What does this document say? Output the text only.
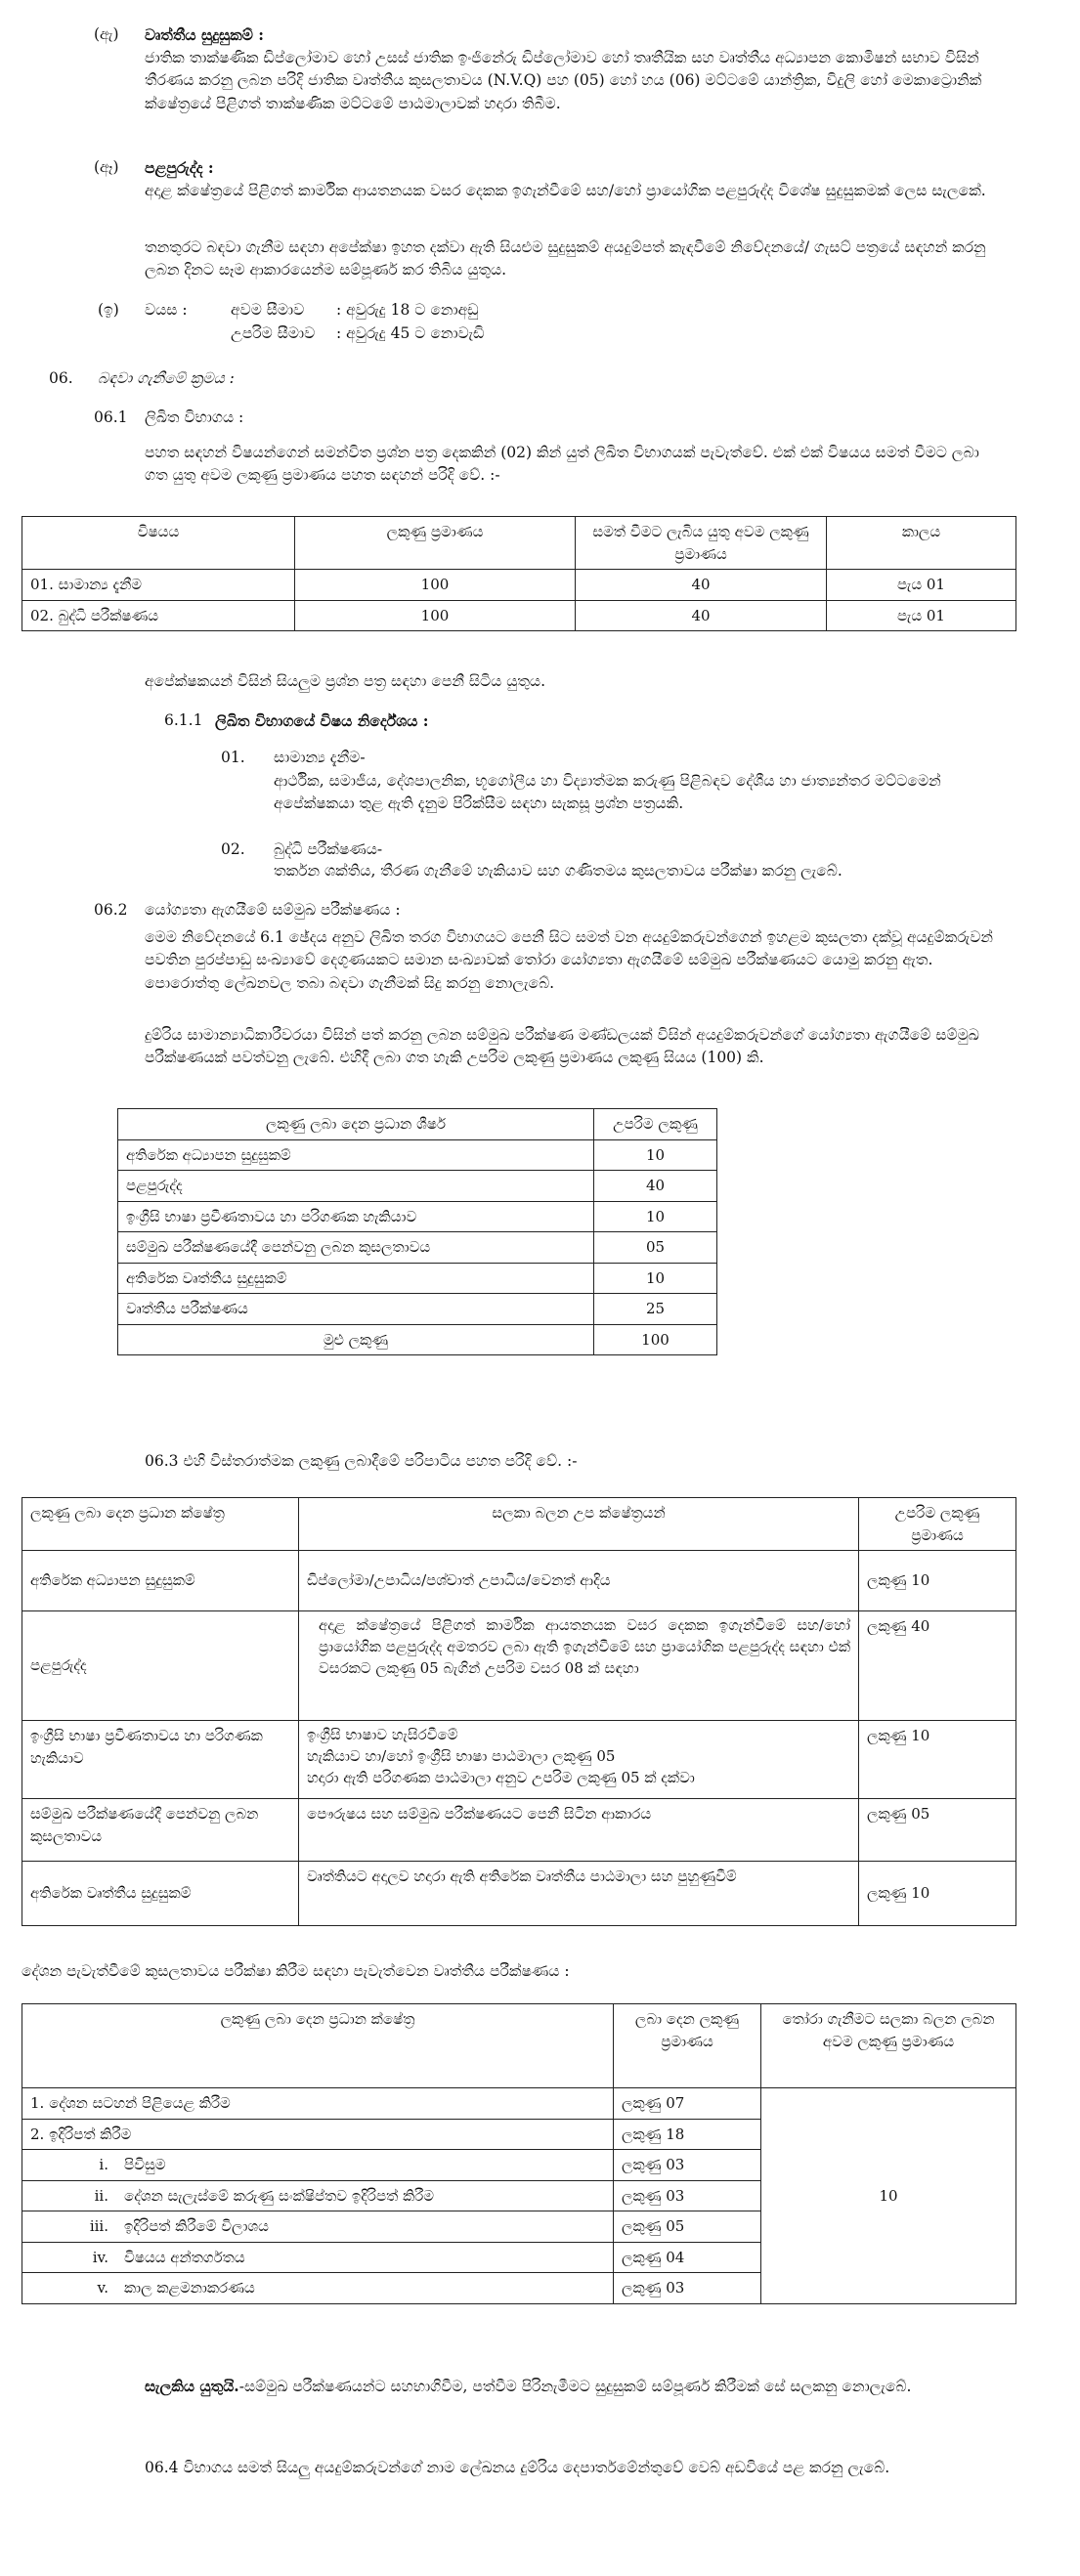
(ඇ) වෘත්තීය සුදුසුකම් :

ජාතික තාක්ෂණික ඩිප්ලෝමාව හෝ උසස් ජාතික ඉංජිනේරු ඩිප්ලෝමාව හෝ තෘතීයික සහ වෘත්තීය අධ්‍යාපන කොමිෂන් සභාව විසින් තීරණය කරනු ලබන පරිදි ජාතික වෘත්තීය කුසලතාවය (N.V.Q) පහ (05) හෝ හය (06) මට්ටමේ යාන්ත්‍රික, විදුලි හෝ මෙකාට්‍රොනික් ක්ෂේත්‍රයේ පිළිගත් තාක්ෂණික මට්ටමේ පාඨමාලාවක් හදාරා තිබීම.

(ඈ) පළපුරුද්ද :

අදාළ ක්ෂේත්‍රයේ පිළිගත් කාර්මික ආයතනයක වසර දෙකක ඉගැන්වීමේ සහ/හෝ ප්‍රායෝගික පළපුරුද්ද විශේෂ සුදුසුකමක් ලෙස සැලකේ.

තනතුරට බඳවා ගැනීම සඳහා අපේක්ෂා ඉහත දක්වා ඇති සියළුම සුදුසුකම් අයදුම්පත් කැඳවීමේ නිවේදනයේ/ ගැසට් පත්‍රයේ සඳහන් කරනු ලබන දිනට සෑම ආකාරයෙන්ම සම්පූර්ණ කර තිබිය යුතුය.

(ඉ) වයස :	අවම සීමාව : අවුරුදු 18 ට නොඅඩු
උපරිම සීමාව : අවුරුදු 45 ට නොවැඩි
06. බඳවා ගැනීමේ ක්‍රමය :
06.1 ලිඛිත විභාගය :

පහත සඳහන් විෂයන්ගෙන් සමන්විත ප්‍රශ්න පත්‍ර දෙකකින් (02) කින් යුත් ලිඛිත විභාගයක් පැවැත්වේ. එක් එක් විෂයය සමත් වීමට ලබා ගත යුතු අවම ලකුණු ප්‍රමාණය පහත සඳහන් පරිදි වේ. :-

විෂයය	ලකුණු ප්‍රමාණය	සමත් වීමට ලැබිය යුතු අවම ලකුණු ප්‍රමාණය	කාලය
01. සාමාන්‍ය දැනීම	100	40	පැය 01
02. බුද්ධි පරීක්ෂණය	100	40	පැය 01

අපේක්ෂකයන් විසින් සියලුම ප්‍රශ්න පත්‍ර සඳහා පෙනී සිටිය යුතුය.

6.1.1 ලිඛිත විභාගයේ විෂය නිර්දේශය :
01. සාමාන්‍ය දැනීම-

ආර්ථික, සමාජීය, දේශපාලනික, භූගෝලීය හා විද්‍යාත්මක කරුණු පිළිබඳව දේශීය හා ජාත්‍යන්තර මට්ටමෙන් අපේක්ෂකයා තුළ ඇති දැනුම පිරික්සීම සඳහා සැකසූ ප්‍රශ්න පත්‍රයකි.

02. බුද්ධි පරීක්ෂණය-

තර්කන ශක්තිය, තීරණ ගැනීමේ හැකියාව සහ ගණිතමය කුසලතාවය පරීක්ෂා කරනු ලැබේ.

06.2 යෝග්‍යතා ඇගයීමේ සම්මුඛ පරීක්ෂණය :

මෙම නිවේදනයේ 6.1 ඡේදය අනුව ලිඛිත තරග විභාගයට පෙනී සිට සමත් වන අයදුම්කරුවන්ගෙන් ඉහළම කුසලතා දක්වූ අයදුම්කරුවන් පවතින පුරප්පාඩු සංඛ්‍යාවේ දෙගුණයකට සමාන සංඛ්‍යාවක් තෝරා යෝග්‍යතා ඇගයීමේ සම්මුඛ පරීක්ෂණයට යොමු කරනු ඇත. පොරොත්තු ලේඛනවල තබා බඳවා ගැනීමක් සිදු කරනු නොලැබේ.

දුම්රිය සාමාන්‍යාධිකාරීවරයා විසින් පත් කරනු ලබන සම්මුඛ පරීක්ෂණ මණ්ඩලයක් විසින් අයදුම්කරුවන්ගේ යෝග්‍යතා ඇගයීමේ සම්මුඛ පරීක්ෂණයක් පවත්වනු ලැබේ. එහිදී ලබා ගත හැකි උපරිම ලකුණු ප්‍රමාණය ලකුණු සියය (100) කි.

ලකුණු ලබා දෙන ප්‍රධාන ශීර්ෂ	උපරිම ලකුණු
අතිරේක අධ්‍යාපන සුදුසුකම්	10
පළපුරුද්ද	40
ඉංග්‍රීසි භාෂා ප්‍රවීණතාවය හා පරිගණක හැකියාව	10
සම්මුඛ පරීක්ෂණයේදී පෙන්වනු ලබන කුසලතාවය	05
අතිරේක වෘත්තීය සුදුසුකම්	10
වෘත්තීය පරීක්ෂණය	25
මුළු ලකුණු	100

06.3 එහි විස්තරාත්මක ලකුණු ලබාදීමේ පරිපාටිය පහත පරිදි වේ. :-

ලකුණු ලබා දෙන ප්‍රධාන ක්ෂේත්‍ර	සලකා බලන උප ක්ෂේත්‍රයන්	උපරිම ලකුණු ප්‍රමාණය
අතිරේක අධ්‍යාපන සුදුසුකම්	ඩිප්ලෝමා/උපාධිය/පශ්චාත් උපාධිය/වෙනත් ආදිය	ලකුණු 10
පළපුරුද්ද	අදාළ ක්ෂේත්‍රයේ පිළිගත් කාර්මික ආයතනයක වසර දෙකක ඉගැන්වීමේ සහ/හෝ ප්‍රායෝගික පළපුරුද්ද අමතරව ලබා ඇති ඉගැන්වීමේ සහ ප්‍රායෝගික පළපුරුද්ද සඳහා එක් වසරකට ලකුණු 05 බැගින් උපරිම වසර 08 ක් සඳහා	ලකුණු 40
ඉංග්‍රීසි භාෂා ප්‍රවීණතාවය හා පරිගණක හැකියාව	ඉංග්‍රීසි භාෂාව හැසිරවීමේ
හැකියාව හා/හෝ ඉංග්‍රීසි භාෂා පාඨමාලා ලකුණු 05
හදාරා ඇති පරිගණක පාඨමාලා අනුව උපරිම ලකුණු 05 ක් දක්වා	ලකුණු 10
සම්මුඛ පරීක්ෂණයේදී පෙන්වනු ලබන කුසලතාවය	පෞරුෂය සහ සම්මුඛ පරීක්ෂණයට පෙනී සිටින ආකාරය	ලකුණු 05
අතිරේක වෘත්තීය සුදුසුකම්	වෘත්තියට අදාලව හදාරා ඇති අතිරේක වෘත්තීය පාඨමාලා සහ පුහුණුවීම්	ලකුණු 10

දේශන පැවැත්වීමේ කුසලතාවය පරීක්ෂා කිරීම සඳහා පැවැත්වෙන වෘත්තීය පරීක්ෂණය :

ලකුණු ලබා දෙන ප්‍රධාන ක්ෂේත්‍ර		ලබා දෙන ලකුණු ප්‍රමාණය	තෝරා ගැනීමට සලකා බලන ලබන අවම ලකුණු ප්‍රමාණය
1. දේශන සටහන් පිළියෙළ කිරීම		ලකුණු 07	10
2. ඉදිරිපත් කිරීම		ලකුණු 18	
i.	පිවිසුම	ලකුණු 03	
ii.	දේශන සැලැස්මේ කරුණු සංක්ෂිප්තව ඉදිරිපත් කිරීම	ලකුණු 03	
iii.	ඉදිරිපත් කිරීමේ විලාශය	ලකුණු 05	
iv.	විෂයය අන්තර්ගතය	ලකුණු 04	
v.	කාල කළමනාකරණය	ලකුණු 03	

සැලකිය යුතුයි.-සම්මුඛ පරීක්ෂණයන්ට සහභාගිවීම, පත්වීම පිරිනැමීමට සුදුසුකම් සම්පූර්ණ කිරීමක් සේ සලකනු නොලැබේ.

06.4 විභාගය සමත් සියලු අයදුම්කරුවන්ගේ නාම ලේඛනය දුම්රිය දෙපාර්තමේන්තුවේ වෙබ් අඩවියේ පළ කරනු ලැබේ.
